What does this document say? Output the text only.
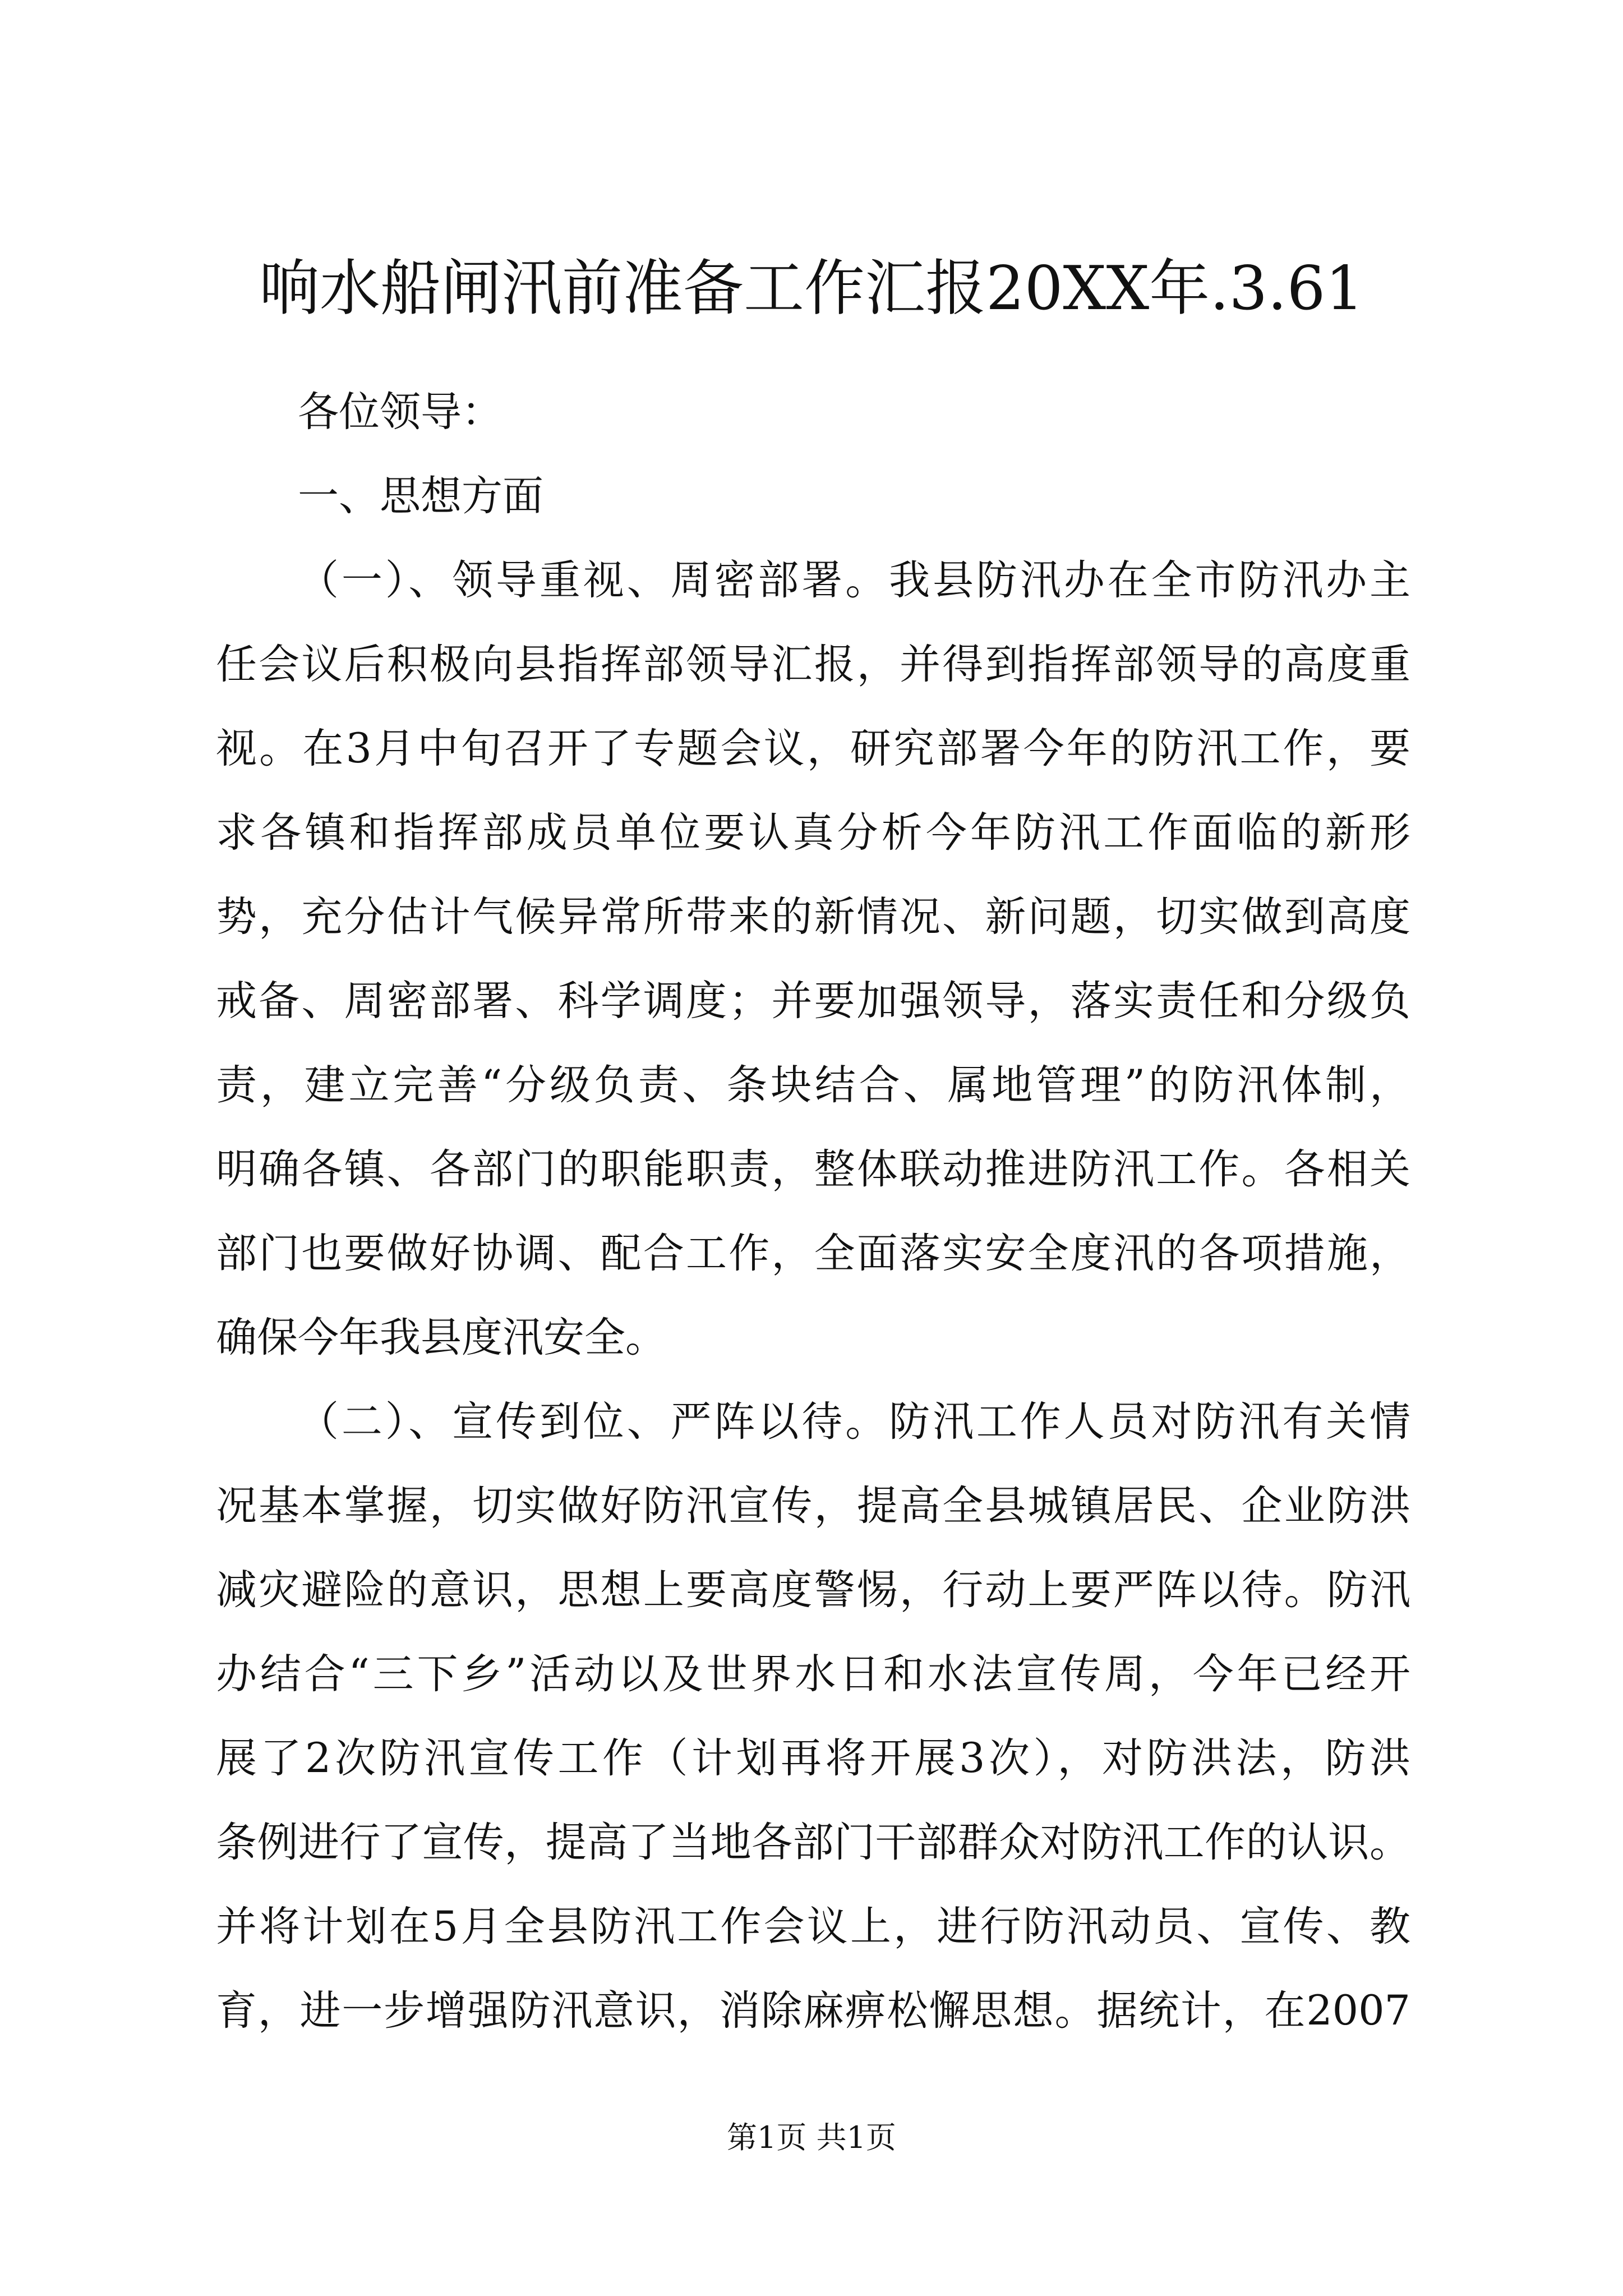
响水船闸汛前准备工作汇报20XX年.3.61
各位领导：
一、思想方面
（一）、领导重视、周密部署。我县防汛办在全市防汛办主
任会议后积极向县指挥部领导汇报，并得到指挥部领导的高度重
视。在3月中旬召开了专题会议，研究部署今年的防汛工作，要
求各镇和指挥部成员单位要认真分析今年防汛工作面临的新形
势，充分估计气候异常所带来的新情况、新问题，切实做到高度
戒备、周密部署、科学调度；并要加强领导，落实责任和分级负
责，建立完善“分级负责、条块结合、属地管理”的防汛体制，
明确各镇、各部门的职能职责，整体联动推进防汛工作。各相关
部门也要做好协调、配合工作，全面落实安全度汛的各项措施，
确保今年我县度汛安全。
（二）、宣传到位、严阵以待。防汛工作人员对防汛有关情
况基本掌握，切实做好防汛宣传，提高全县城镇居民、企业防洪
减灾避险的意识，思想上要高度警惕，行动上要严阵以待。防汛
办结合“三下乡”活动以及世界水日和水法宣传周，今年已经开
展了2次防汛宣传工作（计划再将开展3次），对防洪法，防洪
条例进行了宣传，提高了当地各部门干部群众对防汛工作的认识。
并将计划在5月全县防汛工作会议上，进行防汛动员、宣传、教
育，进一步增强防汛意识，消除麻痹松懈思想。据统计，在2007
第1页 共1页
